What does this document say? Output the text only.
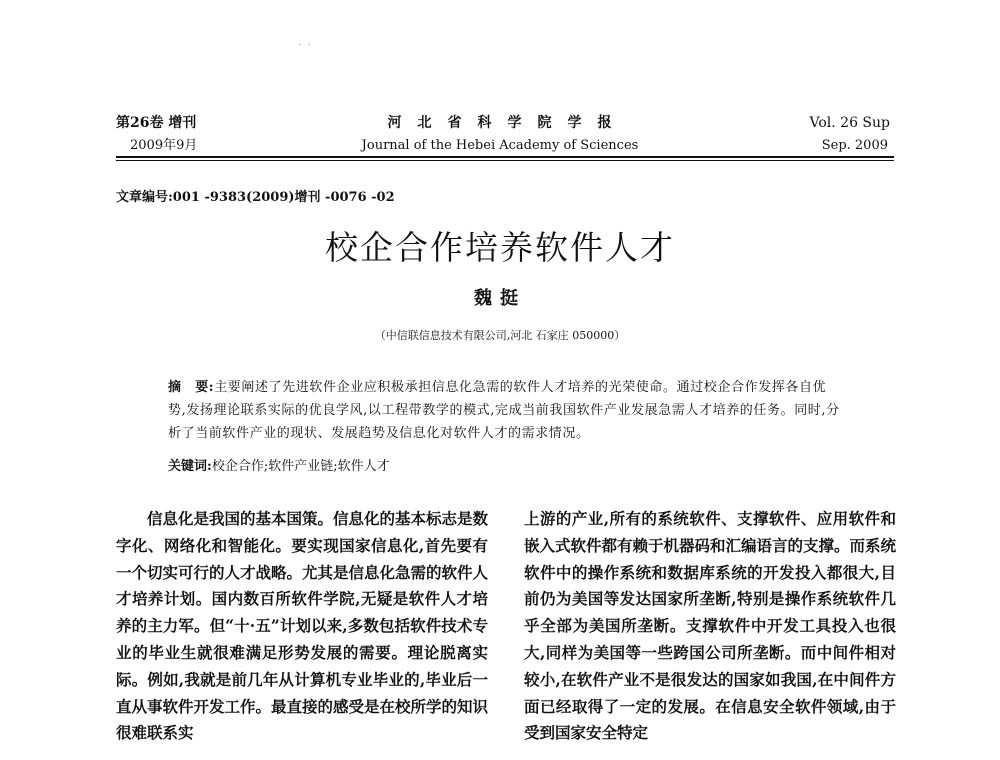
. .
第26卷 增刊
2009年9月
河　北　省　科　学　院　学　报
Journal of the Hebei Academy of Sciences
Vol. 26 Sup
Sep. 2009
文章编号:001 -9383(2009)增刊 -0076 -02
校企合作培养软件人才
魏挺
（中信联信息技术有限公司,河北 石家庄 050000）
摘　要:主要阐述了先进软件企业应积极承担信息化急需的软件人才培养的光荣使命。通过校企合作发挥各自优势,发扬理论联系实际的优良学风,以工程带教学的模式,完成当前我国软件产业发展急需人才培养的任务。同时,分析了当前软件产业的现状、发展趋势及信息化对软件人才的需求情况。
关键词:校企合作;软件产业链;软件人才

信息化是我国的基本国策。信息化的基本标志是数字化、网络化和智能化。要实现国家信息化,首先要有一个切实可行的人才战略。尤其是信息化急需的软件人才培养计划。国内数百所软件学院,无疑是软件人才培养的主力军。但“十·五”计划以来,多数包括软件技术专业的毕业生就很难满足形势发展的需要。理论脱离实际。例如,我就是前几年从计算机专业毕业的,毕业后一直从事软件开发工作。最直接的感受是在校所学的知识很难联系实

上游的产业,所有的系统软件、支撑软件、应用软件和嵌入式软件都有赖于机器码和汇编语言的支撑。而系统软件中的操作系统和数据库系统的开发投入都很大,目前仍为美国等发达国家所垄断,特别是操作系统软件几乎全部为美国所垄断。支撑软件中开发工具投入也很大,同样为美国等一些跨国公司所垄断。而中间件相对较小,在软件产业不是很发达的国家如我国,在中间件方面已经取得了一定的发展。在信息安全软件领域,由于受到国家安全特定
